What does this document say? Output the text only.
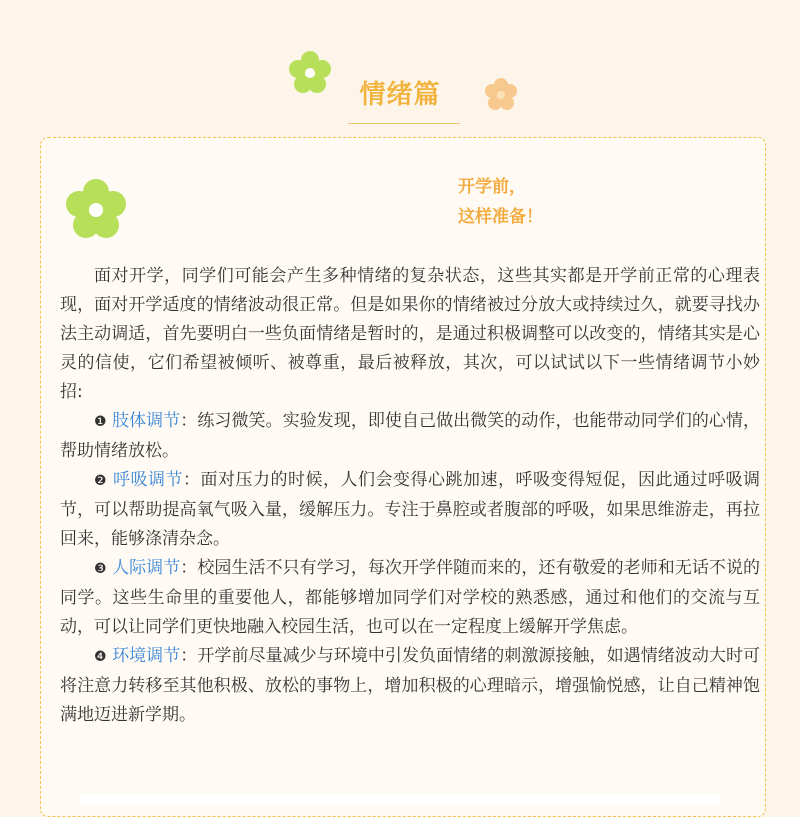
情绪篇
开学前，
这样准备！

面对开学，同学们可能会产生多种情绪的复杂状态，这些其实都是开学前正常的心理表现，面对开学适度的情绪波动很正常。但是如果你的情绪被过分放大或持续过久，就要寻找办法主动调适，首先要明白一些负面情绪是暂时的，是通过积极调整可以改变的，情绪其实是心灵的信使，它们希望被倾听、被尊重，最后被释放，其次，可以试试以下一些情绪调节小妙招:

❶ 肢体调节：练习微笑。实验发现，即使自己做出微笑的动作，也能带动同学们的心情，帮助情绪放松。

❷ 呼吸调节：面对压力的时候，人们会变得心跳加速，呼吸变得短促，因此通过呼吸调节，可以帮助提高氧气吸入量，缓解压力。专注于鼻腔或者腹部的呼吸，如果思维游走，再拉回来，能够涤清杂念。

❸ 人际调节：校园生活不只有学习，每次开学伴随而来的，还有敬爱的老师和无话不说的同学。这些生命里的重要他人，都能够增加同学们对学校的熟悉感，通过和他们的交流与互动，可以让同学们更快地融入校园生活，也可以在一定程度上缓解开学焦虑。

❹ 环境调节：开学前尽量减少与环境中引发负面情绪的刺激源接触，如遇情绪波动大时可将注意力转移至其他积极、放松的事物上，增加积极的心理暗示，增强愉悦感，让自己精神饱满地迈进新学期。
